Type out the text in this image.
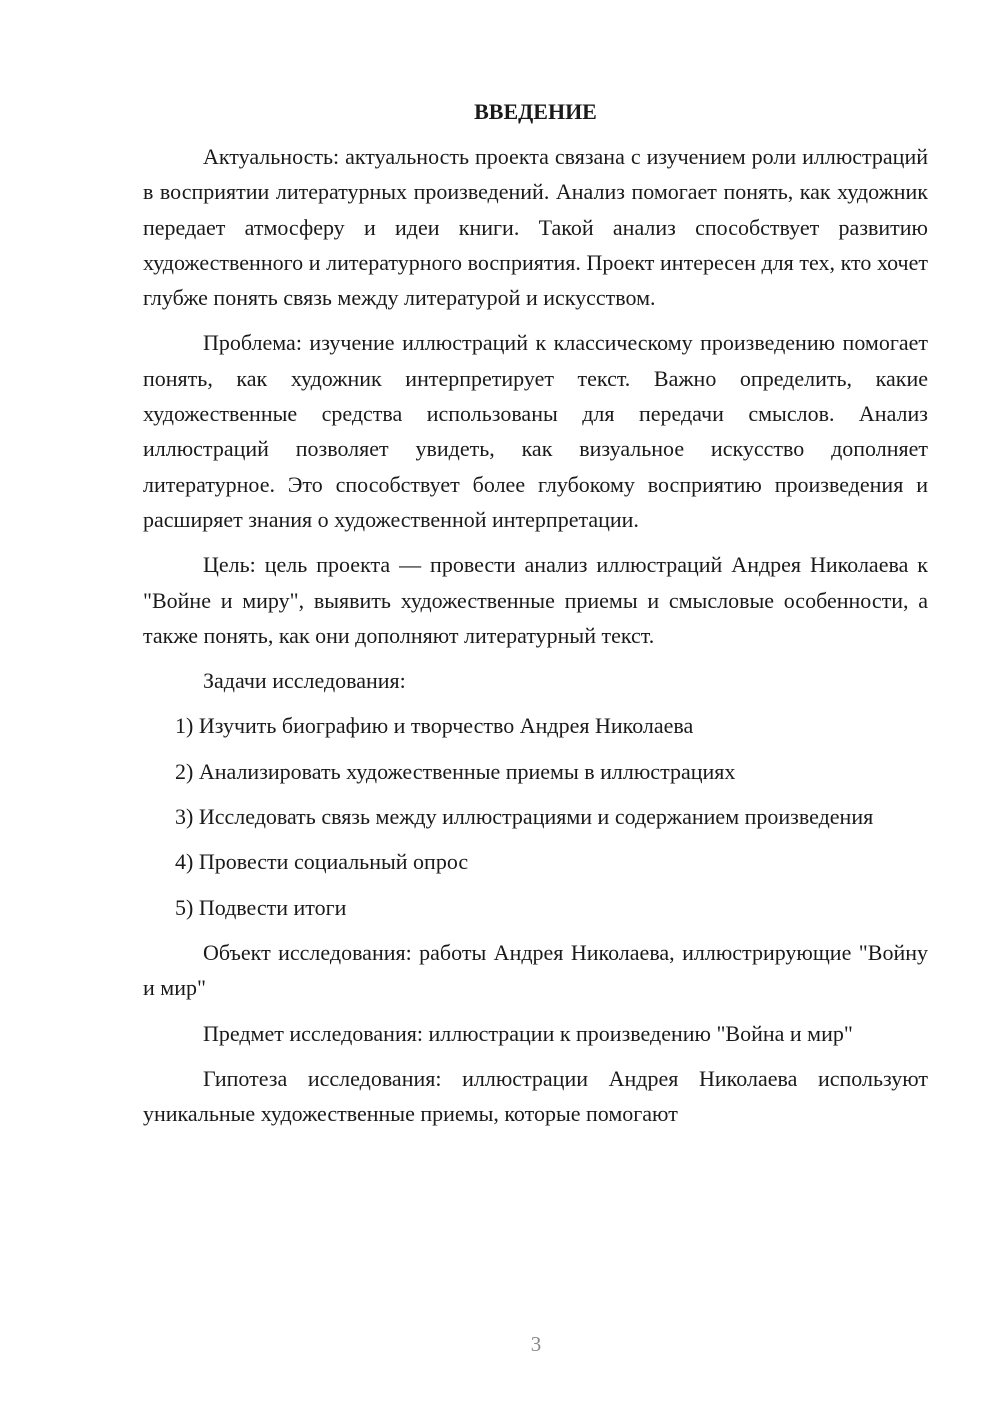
ВВЕДЕНИЕ

Актуальность: актуальность проекта связана с изучением роли иллюстраций в восприятии литературных произведений. Анализ помогает понять, как художник передает атмосферу и идеи книги. Такой анализ способствует развитию художественного и литературного восприятия. Проект интересен для тех, кто хочет глубже понять связь между литературой и искусством.

Проблема: изучение иллюстраций к классическому произведению помогает понять, как художник интерпретирует текст. Важно определить, какие художественные средства использованы для передачи смыслов. Анализ иллюстраций позволяет увидеть, как визуальное искусство дополняет литературное. Это способствует более глубокому восприятию произведения и расширяет знания о художественной интерпретации.

Цель: цель проекта — провести анализ иллюстраций Андрея Николаева к "Войне и миру", выявить художественные приемы и смысловые особенности, а также понять, как они дополняют литературный текст.

Задачи исследования:

1) Изучить биографию и творчество Андрея Николаева

2) Анализировать художественные приемы в иллюстрациях

3) Исследовать связь между иллюстрациями и содержанием произведения

4) Провести социальный опрос

5) Подвести итоги

Объект исследования: работы Андрея Николаева, иллюстрирующие "Войну и мир"

Предмет исследования: иллюстрации к произведению "Война и мир"

Гипотеза исследования: иллюстрации Андрея Николаева используют уникальные художественные приемы, которые помогают

3
